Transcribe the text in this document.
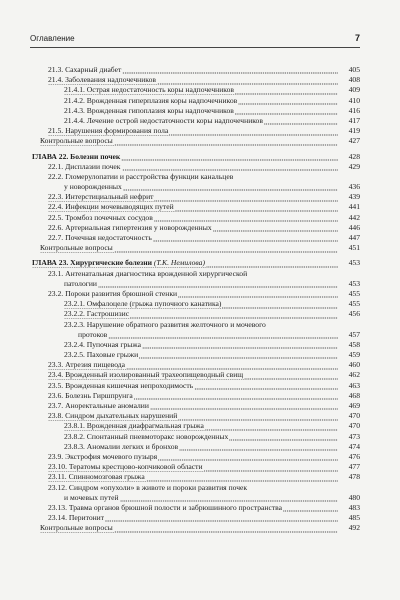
Оглавление	7
21.3. Сахарный диабет	405
21.4. Заболевания надпочечников	408
21.4.1. Острая недостаточность коры надпочечников	409
21.4.2. Врожденная гиперплазия коры надпочечников	410
21.4.3. Врожденная гипоплазия коры надпочечников	416
21.4.4. Лечение острой недостаточности коры надпочечников	417
21.5. Нарушения формирования пола	419
Контрольные вопросы	427
ГЛАВА 22. Болезни почек	428
22.1. Дисплазии почек	429
22.2. Гломерулопатии и расстройства функции канальцев
у новорожденных	436
22.3. Интерстициальный нефрит	439
22.4. Инфекции мочевыводящих путей	441
22.5. Тромбоз почечных сосудов	442
22.6. Артериальная гипертензия у новорожденных	446
22.7. Почечная недостаточность	447
Контрольные вопросы	451
ГЛАВА 23. Хирургические болезни (Т.К. Немилова)	453
23.1. Антенатальная диагностика врожденной хирургической
патологии	453
23.2. Пороки развития брюшной стенки	455
23.2.1. Омфалоцеле (грыжа пупочного канатика)	455
23.2.2. Гастрошизис	456
23.2.3. Нарушение обратного развития желточного и мочевого
протоков	457
23.2.4. Пупочная грыжа	458
23.2.5. Паховые грыжи	459
23.3. Атрезия пищевода	460
23.4. Врожденный изолированный трахеопищеводный свищ	462
23.5. Врожденная кишечная непроходимость	463
23.6. Болезнь Гиршпрунга	468
23.7. Аноректальные аномалии	469
23.8. Синдром дыхательных нарушений	470
23.8.1. Врожденная диафрагмальная грыжа	470
23.8.2. Спонтанный пневмоторакс новорожденных	473
23.8.3. Аномалии легких и бронхов	474
23.9. Экстрофия мочевого пузыря	476
23.10. Тератомы крестцово-копчиковой области	477
23.11. Спинномозговая грыжа	478
23.12. Синдром «опухоли» в животе и пороки развития почек
и мочевых путей	480
23.13. Травма органов брюшной полости и забрюшинного пространства	483
23.14. Перитонит	485
Контрольные вопросы	492
